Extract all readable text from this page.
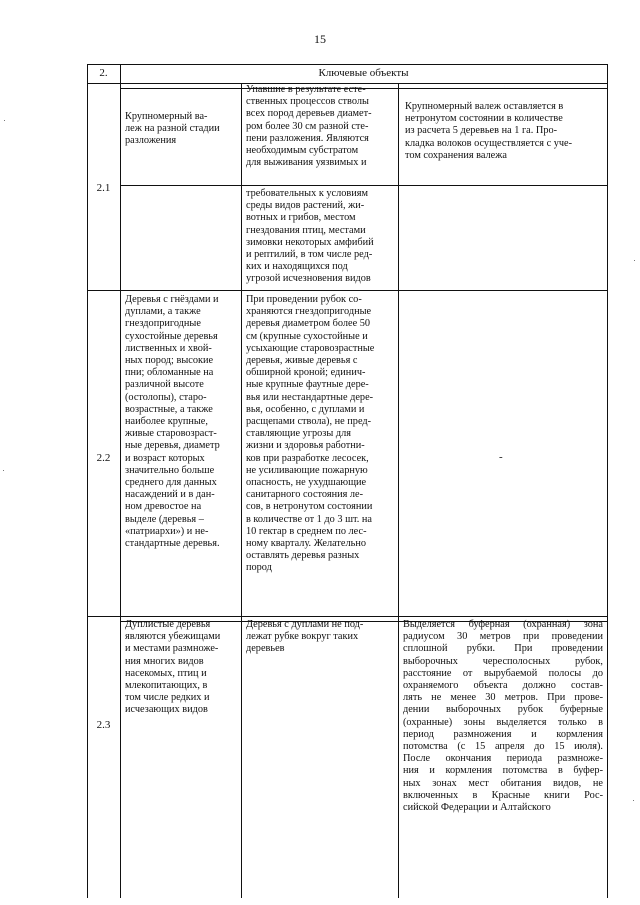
15
2.	Ключевые объекты
2.1
Крупномерный ва-
леж на разной стадии
разложения
Упавшие в результате есте-
ственных процессов стволы
всех пород деревьев диамет-
ром более 30 см разной сте-
пени разложения. Являются
необходимым субстратом
для выживания уязвимых и
требовательных к условиям
среды видов растений, жи-
вотных и грибов, местом
гнездования птиц, местами
зимовки некоторых амфибий
и рептилий, в том числе ред-
ких и находящихся под
угрозой исчезновения видов
Крупномерный валеж оставляется в
нетронутом состоянии в количестве
из расчета 5 деревьев на 1 га. Про-
кладка волоков осуществляется с уче-
том сохранения валежа
2.2
Деревья с гнёздами и
дуплами, а также
гнездопригодные
сухостойные деревья
лиственных и хвой-
ных пород; высокие
пни; обломанные на
различной высоте
(остолопы), старо-
возрастные, а также
наиболее крупные,
живые старовозраст-
ные деревья, диаметр
и возраст которых
значительно больше
среднего для данных
насаждений и в дан-
ном древостое на
выделе (деревья –
«патриархи») и не-
стандартные деревья.
При проведении рубок со-
храняются гнездопригодные
деревья диаметром более 50
см (крупные сухостойные и
усыхающие старовозрастные
деревья, живые деревья с
обширной кроной; единич-
ные крупные фаутные дере-
вья или нестандартные дере-
вья, особенно, с дуплами и
расщепами ствола), не пред-
ставляющие угрозы для
жизни и здоровья работни-
ков при разработке лесосек,
не усиливающие пожарную
опасность, не ухудшающие
санитарного состояния ле-
сов, в нетронутом состоянии
в количестве от 1 до 3 шт. на
10 гектар в среднем по лес-
ному кварталу. Желательно
оставлять деревья разных
пород
-
2.3
Дуплистые деревья
являются убежищами
и местами размноже-
ния многих видов
насекомых, птиц и
млекопитающих, в
том числе редких и
исчезающих видов
Деревья с дуплами не под-
лежат рубке вокруг таких
деревьев
Выделяется буферная (охранная) зона
радиусом 30 метров при проведении
сплошной рубки. При проведении
выборочных чересполосных рубок,
расстояние от вырубаемой полосы до
охраняемого объекта должно состав-
лять не менее 30 метров. При прове-
дении выборочных рубок буферные
(охранные) зоны выделяется только в
период размножения и кормления
потомства (с 15 апреля до 15 июля).
После окончания периода размноже-
ния и кормления потомства в буфер-
ных зонах мест обитания видов, не
включенных в Красные книги Рос-
сийской Федерации и Алтайского
